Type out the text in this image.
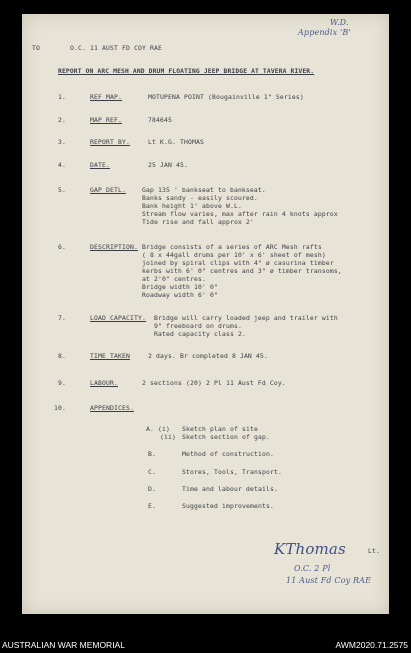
W.D.
Appendix 'B'
TO	O.C. 11 AUST FD COY RAE
REPORT ON ARC MESH AND DRUM FLOATING JEEP BRIDGE AT TAVERA RIVER.
1.	REF MAP.	MOTUPENA POINT (Bougainville 1" Series)
2.	MAP REF.	784645
3.	REPORT BY.	Lt K.G. THOMAS
4.	DATE.	25 JAN 45.
5.	GAP DETL.	Gap 135 ' bankseat to bankseat.
Banks sandy - easily scoured.
Bank height 1' above W.L.
Stream flow varies, max after rain 4 knots approx
Tide rise and fall approx 2'
6.	DESCRIPTION. Bridge consists of a series of ARC Mesh rafts
( 8 x 44gall drums per 10' x 6' sheet of mesh)
joined by spiral clips with 4" ø casurina timber
kerbs with 6' 0" centres and 3" ø timber transoms,
at 2'0" centres.
Bridge width 10' 0"
Roadway width 6' 0"
7.	LOAD CAPACITY. Bridge will carry loaded jeep and trailer with
9" freeboard on drums.
Rated capacity class 2.
8.	TIME TAKEN	2 days. Br completed 8 JAN 45.
9.	LABOUR.	2 sections (20) 2 Pl 11 Aust Fd Coy.
10.	APPENDICES.
A. (i) Sketch plan of site
(ii) Sketch section of gap.
B.	Method of construction.
C.	Stores, Tools, Transport.
D.	Time and labour details.
E.	Suggested improvements.
KThomas	Lt.
O.C. 2 Pl
11 Aust Fd Coy RAE
AUSTRALIAN WAR MEMORIAL	AWM2020.71.2575
